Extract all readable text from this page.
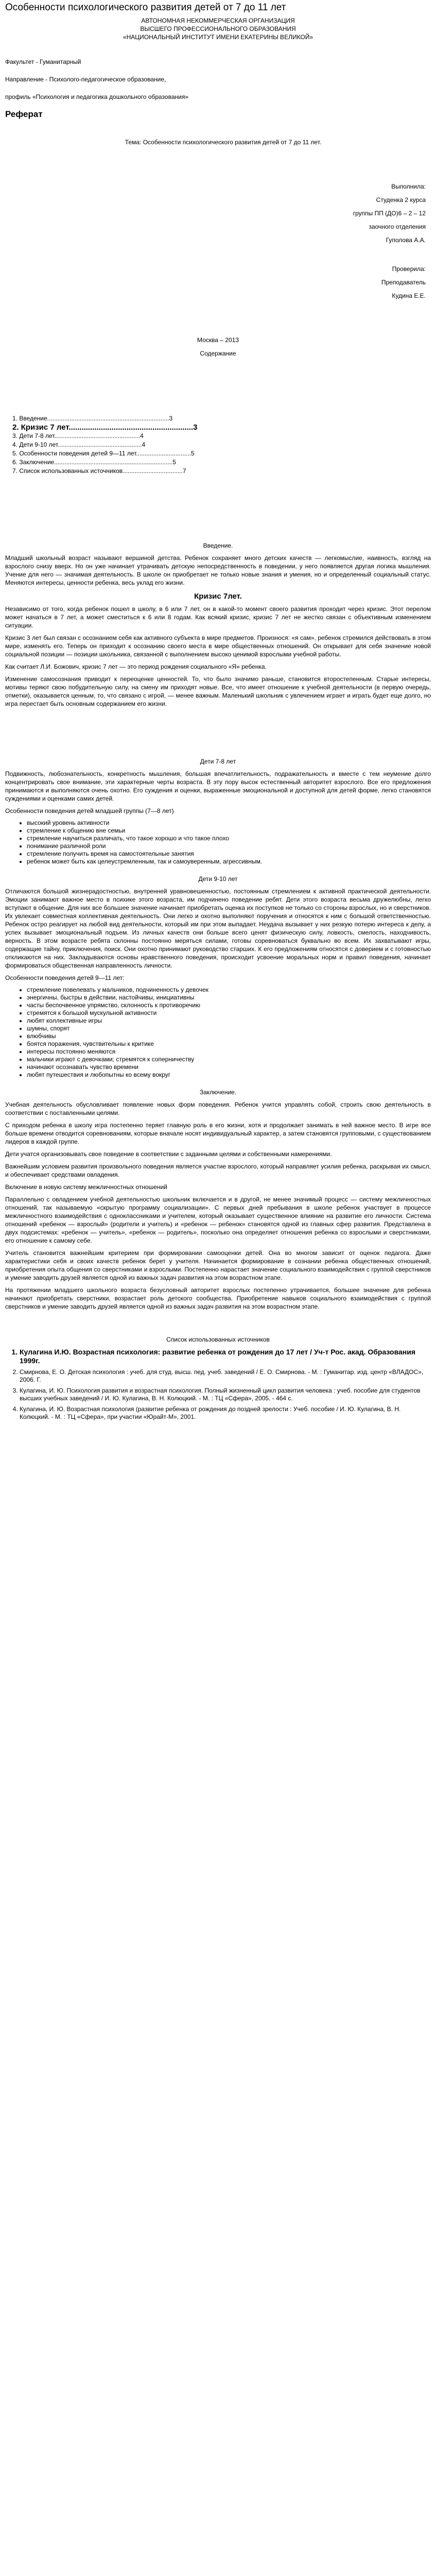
Особенности психологического развития детей от 7 до 11 лет

АВТОНОМНАЯ НЕКОММЕРЧЕСКАЯ ОРГАНИЗАЦИЯ

ВЫСШЕГО ПРОФЕССИОНАЛЬНОГО ОБРАЗОВАНИЯ

«НАЦИОНАЛЬНЫЙ ИНСТИТУТ ИМЕНИ ЕКАТЕРИНЫ ВЕЛИКОЙ»

Факультет - Гуманитарный

Направление - Психолого-педагогическое образование,

профиль «Психология и педагогика дошкольного образования»

Реферат

Тема: Особенности психологического развития детей от 7 до 11 лет.

Выполнила:

Студенка 2 курса

группы ПП (ДО)6 – 2 – 12

заочного отделения

Гуполова А.А.

Проверила:

Преподаватель

Кудина Е.Е.

Москва – 2013

Содержание

1. Введение.......................................................................3
2. Кризис 7 лет..........................................................3
3. Дети 7-8 лет..................................................4
4. Дети 9-10 лет.................................................4
5. Особенности поведения детей 9—11 лет................................5
6. Заключение.....................................................................5
7. Список использованных источников...................................7

Введение.

Младший школьный возраст называют вершиной детства. Ребенок сохраняет много детских качеств — легкомыслие, наивность, взгляд на взрослого снизу вверх. Но он уже начинает утрачивать детскую непосредственность в поведении, у него появляется другая логика мышления. Учение для него — значимая деятельность. В школе он приобретает не только новые знания и умения, но и определенный социальный статус. Меняются интересы, ценности ребенка, весь уклад его жизни.

Кризис 7лет.

Независимо от того, когда ребенок пошел в школу, в 6 или 7 лет, он в какой-то момент своего развития проходит через кризис. Этот перелом может начаться в 7 лет, а может сместиться к 6 или 8 годам. Как всякий кризис, кризис 7 лет не жестко связан с объективным изменением ситуации.

Кризис 3 лет был связан с осознанием себя как активного субъекта в мире предметов. Произнося: «я сам», ребенок стремился действовать в этом мире, изменять его. Теперь он приходит к осознанию своего места в мире общественных отношений. Он открывает для себя значение новой социальной позиции — позиции школьника, связанной с выполнением высоко ценимой взрослыми учебной работы.

Как считает Л.И. Божович, кризис 7 лет — это период рождения социального «Я» ребенка.

Изменение самосознания приводит к переоценке ценностей. То, что было значимо раньше, становится второстепенным. Старые интересы, мотивы теряют свою побудительную силу, на смену им приходят новые. Все, что имеет отношение к учебной деятельности (в первую очередь, отметки), оказывается ценным, то, что связано с игрой, — менее важным. Маленький школьник с увлечением играет и играть будет еще долго, но игра перестает быть основным содержанием его жизни.

Дети 7-8 лет

Подвижность, любознательность, конкретность мышления, большая впечатлительность, подражательность и вместе с тем неумение долго концентрировать свое внимание, эти характерные черты возраста. В эту пору высок естественный авторитет взрослого. Все его предложения принимаются и выполняются очень охотно. Его суждения и оценки, выраженные эмоциональной и доступной для детей форме, легко становятся суждениями и оценками самих детей.

Особенности поведения детей младшей группы (7—8 лет)

• высокий уровень активности
• стремление к общению вне семьи
• стремление научиться различать, что такое хорошо и что такое плохо
• понимание различной роли
• стремление получить время на самостоятельные занятия
• ребенок может быть как целеустремленным, так и самоуверенным, агрессивным.

Дети 9-10 лет

Отличаются большой жизнерадостностью, внутренней уравновешенностью, постоянным стремлением к активной практической деятельности. Эмоции занимают важное место в психике этого возраста, им подчинено поведение ребят. Дети этого возраста весьма дружелюбны, легко вступают в общение. Для них все большее значение начинает приобретать оценка их поступков не только со стороны взрослых, но и сверстников. Их увлекает совместная коллективная деятельность. Они легко и охотно выполняют поручения и относятся к ним с большой ответственностью. Ребенок остро реагирует на любой вид деятельности, который им при этом выпадает. Неудача вызывает у них резкую потерю интереса к делу, а успех вызывает эмоциональный подъем. Из личных качеств они больше всего ценят физическую силу, ловкость, смелость, находчивость, верность. В этом возрасте ребята склонны постоянно меряться силами, готовы соревноваться буквально во всем. Их захватывают игры, содержащие тайну, приключения, поиск. Они охотно принимают руководство старших. К его предложениям относятся с доверием и с готовностью откликаются на них. Закладываются основы нравственного поведения, происходит усвоение моральных норм и правил поведения, начинает формироваться общественная направленность личности.

Особенности поведения детей 9—11 лет:

• стремление повелевать у мальчиков, подчиненность у девочек
• энергичны, быстры в действии, настойчивы, инициативны
• часты беспочвенное упрямство, склонность к противоречию
• стремятся к большой мускульной активности
• любят коллективные игры
• шумны, спорят
• влюбчивы
• боятся поражения, чувствительны к критике
• интересы постоянно меняются
• мальчики играют с девочками; стремятся к соперничеству
• начинают осознавать чувство времени
• любят путешествия и любопытны ко всему вокруг

Заключение.

Учебная деятельность обусловливает появление новых форм поведения. Ребенок учится управлять собой, строить свою деятельность в соответствии с поставленными целями.

С приходом ребенка в школу игра постепенно теряет главную роль в его жизни, хотя и продолжает занимать в ней важное место. В игре все больше времени отводится соревнованиям, которые вначале носят индивидуальный характер, а затем становятся групповыми, с существованием лидеров в каждой группе.

Дети учатся организовывать свое поведение в соответствии с заданными целями и собственными намерениями.

Важнейшим условием развития произвольного поведения является участие взрослого, который направляет усилия ребенка, раскрывая их смысл, и обеспечивает средствами овладения.

Включение в новую систему межличностных отношений

Параллельно с овладением учебной деятельностью школьник включается и в другой, не менее значимый процесс — систему межличностных отношений, так называемую «скрытую программу социализации». С первых дней пребывания в школе ребенок участвует в процессе межличностного взаимодействия с одноклассниками и учителем, который оказывает существенное влияние на развитие его личности. Система отношений «ребенок — взрослый» (родители и учитель) и «ребенок — ребенок» становятся одной из главных сфер развития. Представлена в двух подсистемах: «ребенок — учитель», «ребенок — родитель», посколько она определяет отношения ребенка со взрослыми и сверстниками, его отношение к самому себе.

Учитель становится важнейшим критерием при формировании самооценки детей. Она во многом зависит от оценок педагога. Даже характеристики себя и своих качеств ребенок берет у учителя. Начинается формирование в сознании ребенка общественных отношений, приобретения опыта общения со сверстниками и взрослыми. Постепенно нарастает значение социального взаимодействия с группой сверстников и умение заводить друзей является одной из важных задач развития на этом возрастном этапе.

На протяжении младшего школьного возраста безусловный авторитет взрослых постепенно утрачивается, большее значение для ребенка начинают приобретать сверстники, возрастает роль детского сообщества. Приобретение навыков социального взаимодействия с группой сверстников и умение заводить друзей является одной из важных задач развития на этом возрастном этапе.

Список использованных источников

1. Кулагина И.Ю. Возрастная психология: развитие ребенка от рождения до 17 лет / Уч-т Рос. акад. Образования 1999г.
2. Смирнова, Е. О. Детская психология : учеб. для студ. высш. пед. учеб. заведений / Е. О. Смирнова. - М. : Гуманитар. изд. центр «ВЛАДОС», 2006. Г.
3. Кулагина, И. Ю. Психология развития и возрастная психология. Полный жизненный цикл развития человека : учеб. пособие для студентов высших учебных заведений / И. Ю. Кулагина, В. Н. Колюцкий. - М. : ТЦ «Сфера», 2005. - 464 с.
4. Кулагина, И. Ю. Возрастная психология (развитие ребенка от рождения до поздней зрелости : Учеб. пособие / И. Ю. Кулагина, В. Н. Колюцкий. - М. : ТЦ «Сфера», при участии «Юрайт-М», 2001.
